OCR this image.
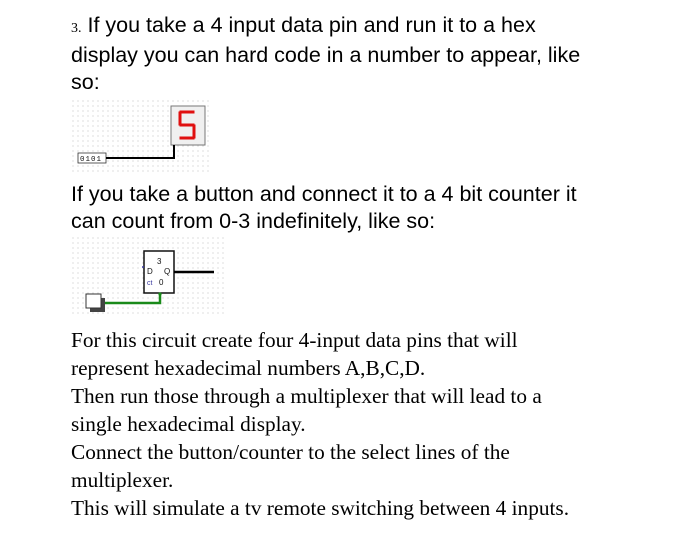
3. If you take a 4 input data pin and run it to a hex
display you can hard code in a number to appear, like
so:
0101
If you take a button and connect it to a 4 bit counter it
can count from 0-3 indefinitely, like so:
3
D Q
ct 0
For this circuit create four 4-input data pins that will
represent hexadecimal numbers A,B,C,D.
Then run those through a multiplexer that will lead to a
single hexadecimal display.
Connect the button/counter to the select lines of the
multiplexer.
This will simulate a tv remote switching between 4 inputs.
